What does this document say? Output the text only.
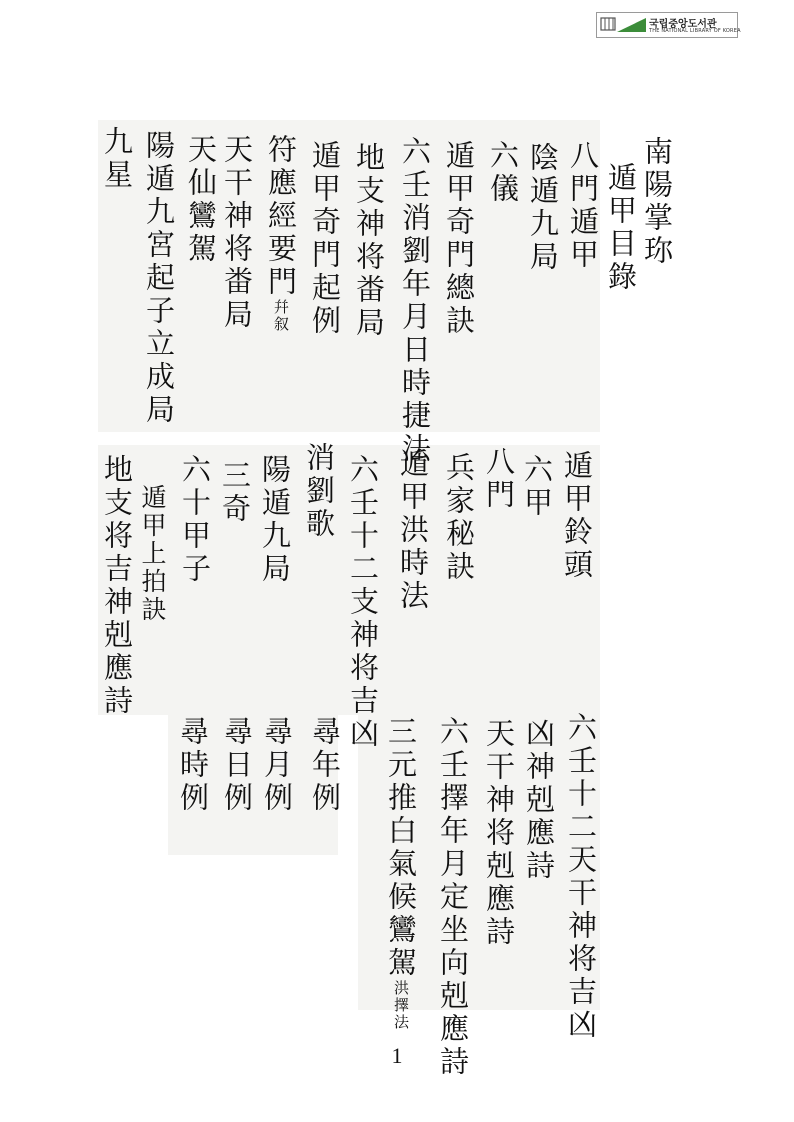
국립중앙도서관
THE NATIONAL LIBRARY OF KOREA
南陽掌珎
遁甲目錄
八門遁甲
陰遁九局
六儀
遁甲奇門總訣
六壬消劉年月日時捷法
地支神将畨局
遁甲奇門起例
符應經要門幷叙
天干神将畨局
天仙鸞駕
陽遁九宮起子立成局
九星
遁甲鈴頭
六甲
八門
兵家秘訣
遁甲洪時法
六壬十二支神将吉凶
消劉歌
陽遁九局
三奇
六十甲子
遁甲上拍訣
地支将吉神剋應詩
六壬十二天干神将吉凶
凶神剋應詩
天干神将剋應詩
六壬擇年月定坐向剋應詩
三元推白氣候鸞駕洪擇法
尋年例
尋月例
尋日例
尋時例
1
